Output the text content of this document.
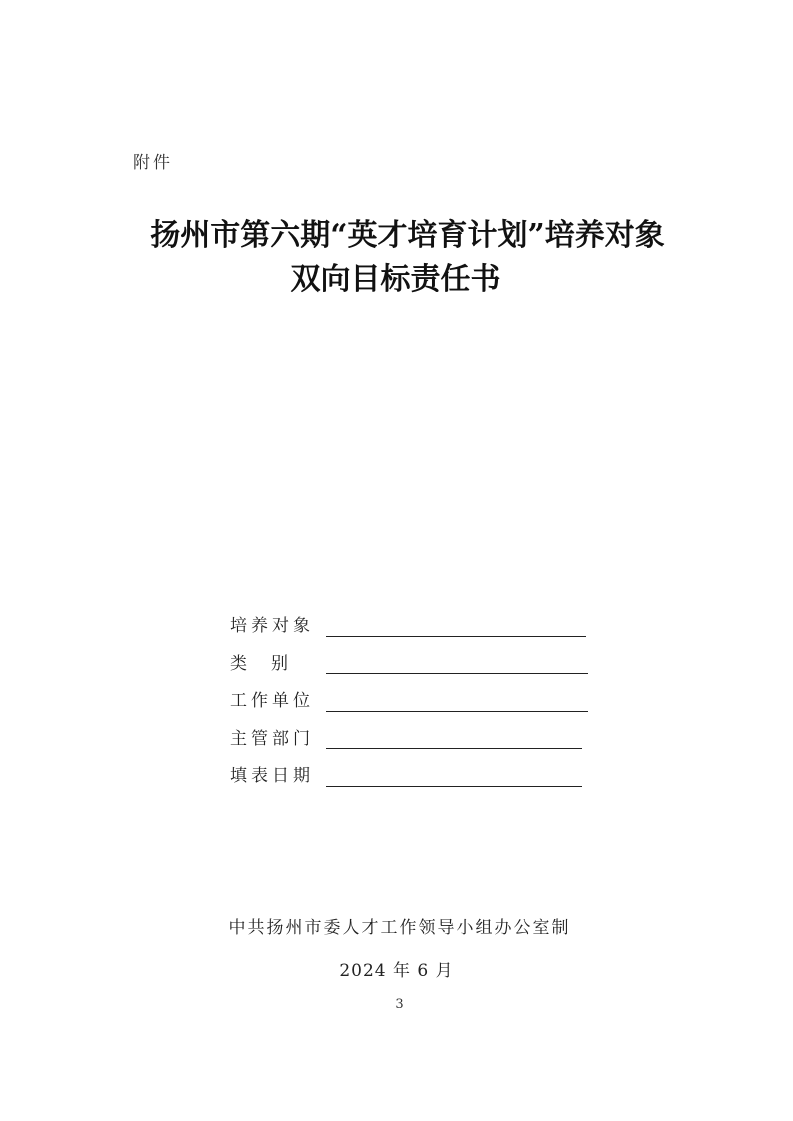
附件
扬州市第六期“英才培育计划”培养对象
双向目标责任书
培养对象
类别
工作单位
主管部门
填表日期
中共扬州市委人才工作领导小组办公室制
2024 年 6 月
3
